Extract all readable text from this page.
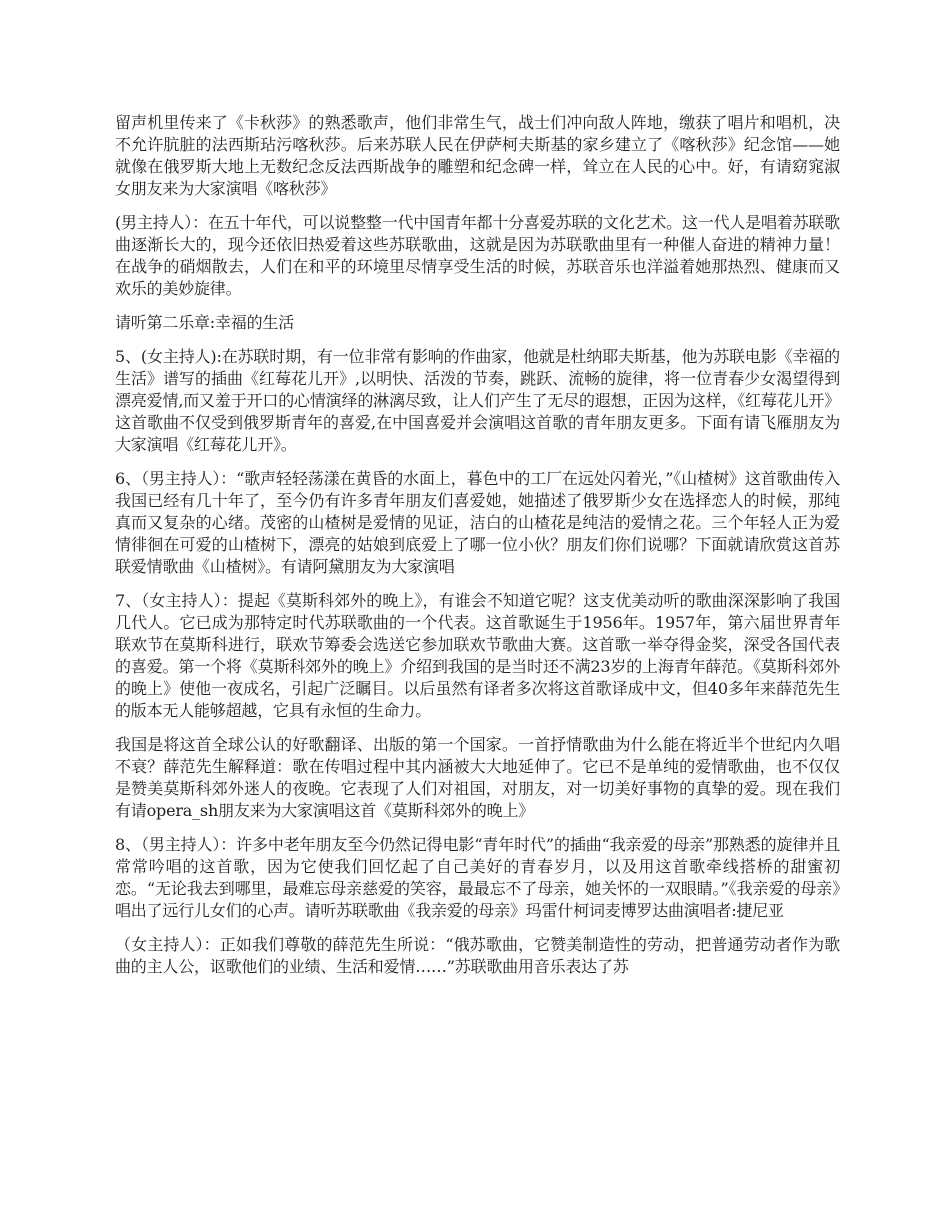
留声机里传来了《卡秋莎》的熟悉歌声，他们非常生气，战士们冲向敌人阵地，缴获了唱片和唱机，决不允许肮脏的法西斯玷污喀秋莎。后来苏联人民在伊萨柯夫斯基的家乡建立了《喀秋莎》纪念馆——她就像在俄罗斯大地上无数纪念反法西斯战争的雕塑和纪念碑一样，耸立在人民的心中。好，有请窈窕淑女朋友来为大家演唱《喀秋莎》

(男主持人）：在五十年代，可以说整整一代中国青年都十分喜爱苏联的文化艺术。这一代人是唱着苏联歌曲逐渐长大的，现今还依旧热爱着这些苏联歌曲，这就是因为苏联歌曲里有一种催人奋进的精神力量！在战争的硝烟散去，人们在和平的环境里尽情享受生活的时候，苏联音乐也洋溢着她那热烈、健康而又欢乐的美妙旋律。

请听第二乐章:幸福的生活

5、(女主持人):在苏联时期，有一位非常有影响的作曲家，他就是杜纳耶夫斯基，他为苏联电影《幸福的生活》谱写的插曲《红莓花儿开》,以明快、活泼的节奏，跳跃、流畅的旋律，将一位青春少女渴望得到漂亮爱情,而又羞于开口的心情演绎的淋漓尽致，让人们产生了无尽的遐想，正因为这样，《红莓花儿开》这首歌曲不仅受到俄罗斯青年的喜爱,在中国喜爱并会演唱这首歌的青年朋友更多。下面有请飞雁朋友为大家演唱《红莓花儿开》。

6、（男主持人）：“歌声轻轻荡漾在黄昏的水面上，暮色中的工厂在远处闪着光，”《山楂树》这首歌曲传入我国已经有几十年了，至今仍有许多青年朋友们喜爱她，她描述了俄罗斯少女在选择恋人的时候，那纯真而又复杂的心绪。茂密的山楂树是爱情的见证，洁白的山楂花是纯洁的爱情之花。三个年轻人正为爱情徘徊在可爱的山楂树下，漂亮的姑娘到底爱上了哪一位小伙？朋友们你们说哪？下面就请欣赏这首苏联爱情歌曲《山楂树》。有请阿黛朋友为大家演唱

7、（女主持人）：提起《莫斯科郊外的晚上》，有谁会不知道它呢？这支优美动听的歌曲深深影响了我国几代人。它已成为那特定时代苏联歌曲的一个代表。这首歌诞生于1956年。1957年，第六届世界青年联欢节在莫斯科进行，联欢节筹委会选送它参加联欢节歌曲大赛。这首歌一举夺得金奖，深受各国代表的喜爱。第一个将《莫斯科郊外的晚上》介绍到我国的是当时还不满23岁的上海青年薛范。《莫斯科郊外的晚上》使他一夜成名，引起广泛瞩目。以后虽然有译者多次将这首歌译成中文，但40多年来薛范先生的版本无人能够超越，它具有永恒的生命力。

我国是将这首全球公认的好歌翻译、出版的第一个国家。一首抒情歌曲为什么能在将近半个世纪内久唱不衰？薛范先生解释道：歌在传唱过程中其内涵被大大地延伸了。它已不是单纯的爱情歌曲，也不仅仅是赞美莫斯科郊外迷人的夜晚。它表现了人们对祖国，对朋友，对一切美好事物的真挚的爱。现在我们有请opera_sh朋友来为大家演唱这首《莫斯科郊外的晚上》

8、（男主持人）：许多中老年朋友至今仍然记得电影“青年时代”的插曲“我亲爱的母亲”那熟悉的旋律并且常常吟唱的这首歌，因为它使我们回忆起了自己美好的青春岁月，以及用这首歌牵线搭桥的甜蜜初恋。“无论我去到哪里，最难忘母亲慈爱的笑容，最最忘不了母亲，她关怀的一双眼睛。”《我亲爱的母亲》唱出了远行儿女们的心声。请听苏联歌曲《我亲爱的母亲》玛雷什柯词麦博罗达曲演唱者:捷尼亚

（女主持人）：正如我们尊敬的薛范先生所说：“俄苏歌曲，它赞美制造性的劳动，把普通劳动者作为歌曲的主人公，讴歌他们的业绩、生活和爱情……”苏联歌曲用音乐表达了苏
